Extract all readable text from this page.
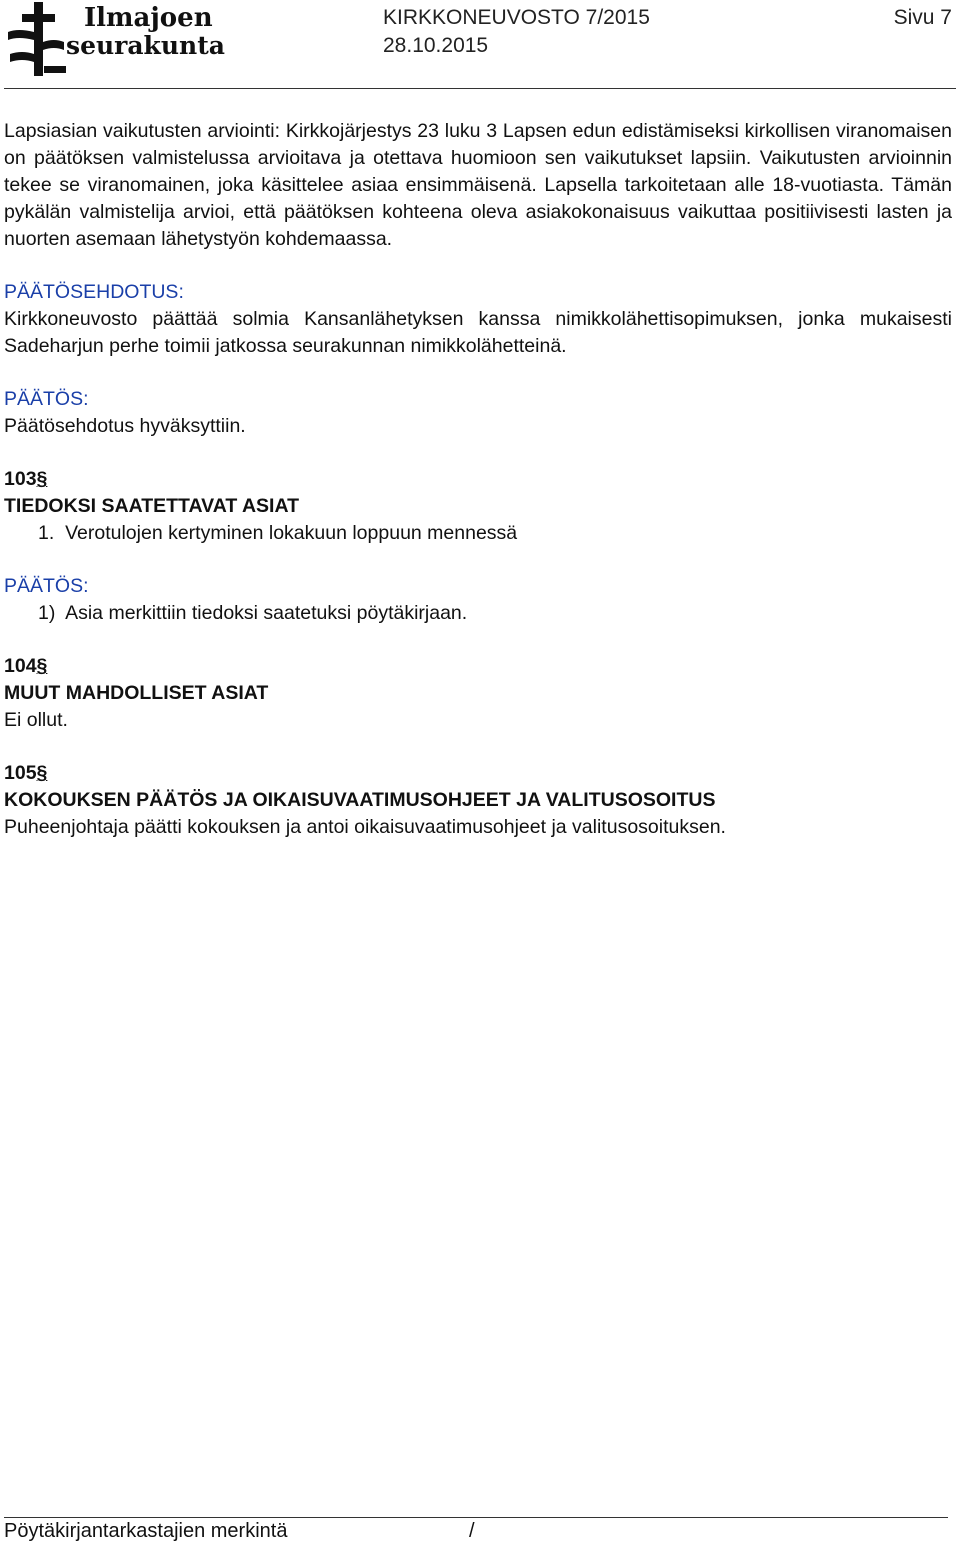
Ilmajoen
seurakunta
KIRKKONEUVOSTO 7/2015
28.10.2015
Sivu 7

Lapsiasian vaikutusten arviointi: Kirkkojärjestys 23 luku 3 Lapsen edun edistämiseksi kirkollisen viranomaisen on päätöksen valmistelussa arvioitava ja otettava huomioon sen vaikutukset lapsiin. Vaikutusten arvioinnin tekee se viranomainen, joka käsittelee asiaa ensimmäisenä. Lapsella tarkoitetaan alle 18-vuotiasta. Tämän pykälän valmistelija arvioi, että päätöksen kohteena oleva asiakokonaisuus vaikuttaa positiivisesti lasten ja nuorten asemaan lähetystyön kohdemaassa.

PÄÄTÖSEHDOTUS:

Kirkkoneuvosto päättää solmia Kansanlähetyksen kanssa nimikkolähettisopimuksen, jonka mukaisesti Sadeharjun perhe toimii jatkossa seurakunnan nimikkolähetteinä.

PÄÄTÖS:

Päätösehdotus hyväksyttiin.

103§

TIEDOKSI SAATETTAVAT ASIAT

1.  Verotulojen kertyminen lokakuun loppuun mennessä

PÄÄTÖS:

1)  Asia merkittiin tiedoksi saatetuksi pöytäkirjaan.

104§

MUUT MAHDOLLISET ASIAT

Ei ollut.

105§

KOKOUKSEN PÄÄTÖS JA OIKAISUVAATIMUSOHJEET JA VALITUSOSOITUS

Puheenjohtaja päätti kokouksen ja antoi oikaisuvaatimusohjeet ja valitusosoituksen.

Pöytäkirjantarkastajien merkintä	/
